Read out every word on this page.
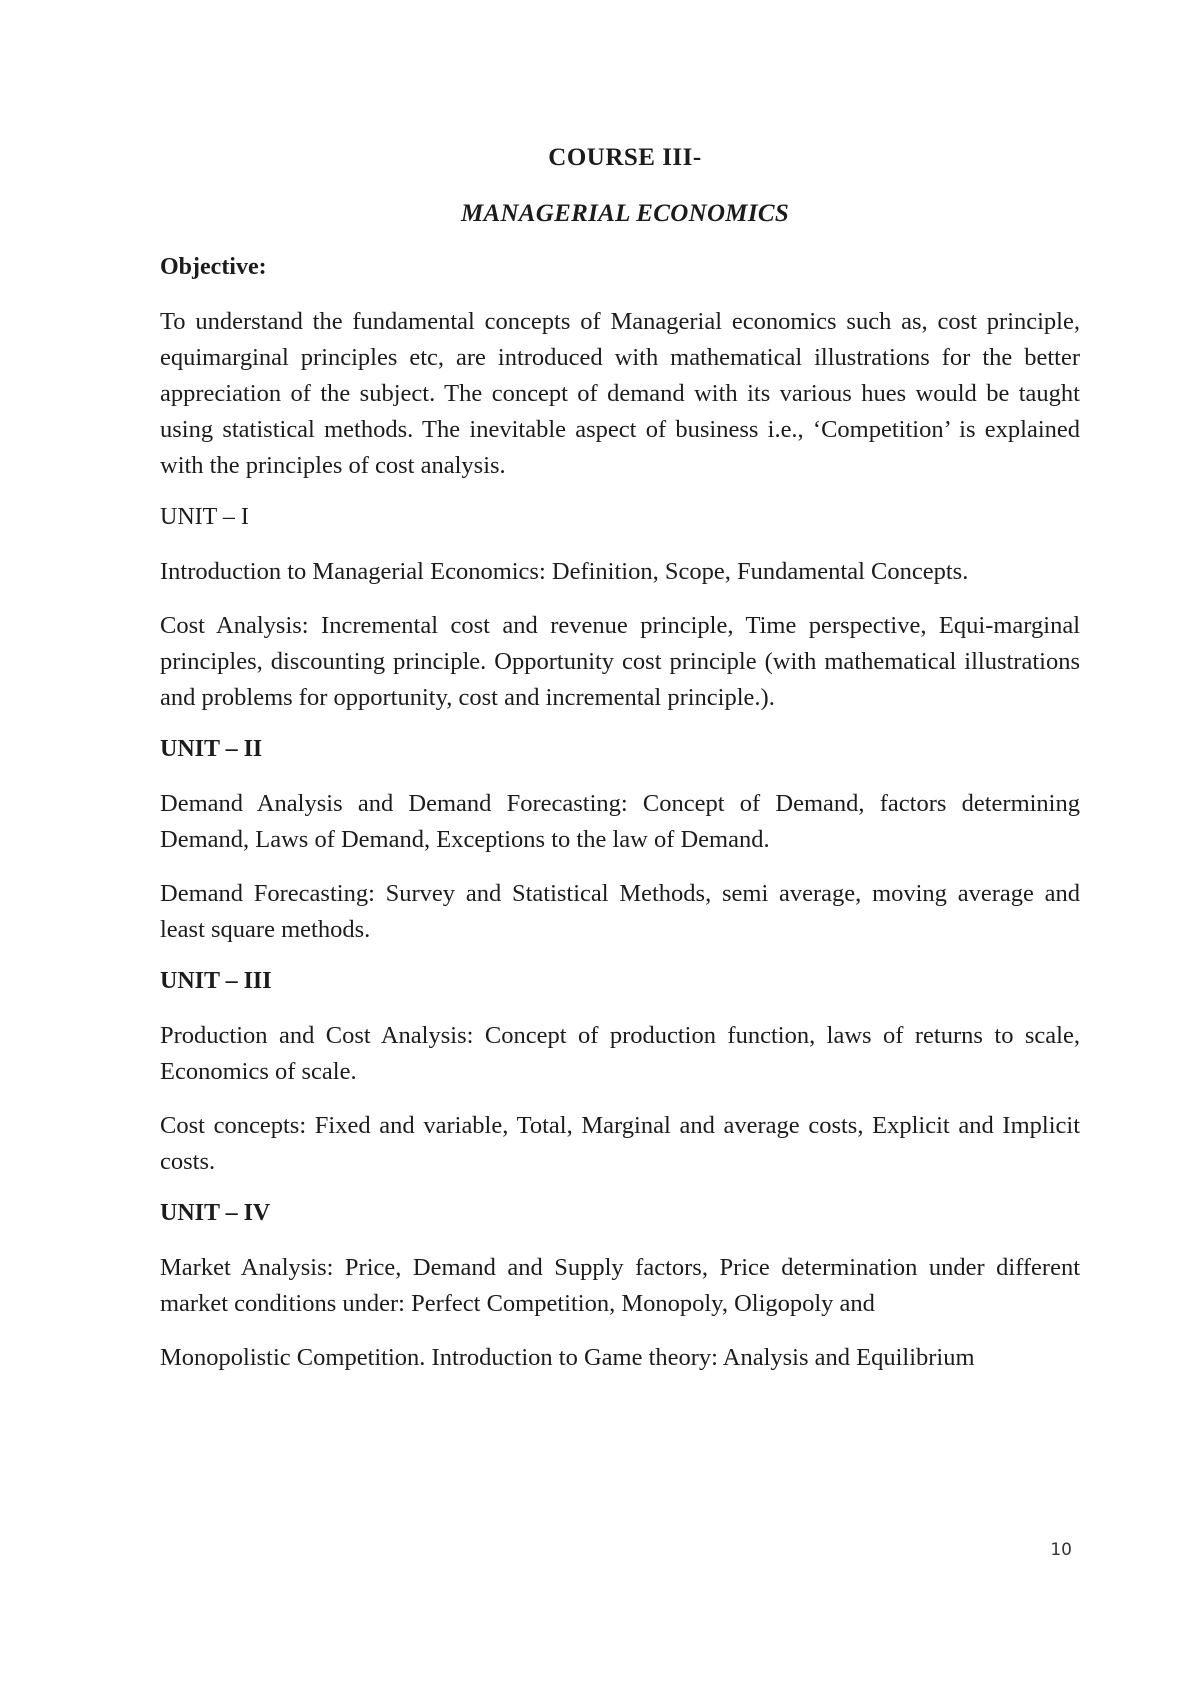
COURSE III-
MANAGERIAL ECONOMICS
Objective:

To understand the fundamental concepts of Managerial economics such as, cost principle, equimarginal principles etc, are introduced with mathematical illustrations for the better appreciation of the subject. The concept of demand with its various hues would be taught using statistical methods. The inevitable aspect of business i.e., ‘Competition’ is explained with the principles of cost analysis.

UNIT – I

Introduction to Managerial Economics: Definition, Scope, Fundamental Concepts.

Cost Analysis: Incremental cost and revenue principle, Time perspective, Equi-marginal principles, discounting principle. Opportunity cost principle (with mathematical illustrations and problems for opportunity, cost and incremental principle.).

UNIT – II

Demand Analysis and Demand Forecasting: Concept of Demand, factors determining Demand, Laws of Demand, Exceptions to the law of Demand.

Demand Forecasting: Survey and Statistical Methods, semi average, moving average and least square methods.

UNIT – III

Production and Cost Analysis: Concept of production function, laws of returns to scale, Economics of scale.

Cost concepts: Fixed and variable, Total, Marginal and average costs, Explicit and Implicit costs.

UNIT – IV

Market Analysis: Price, Demand and Supply factors, Price determination under different market conditions under: Perfect Competition, Monopoly, Oligopoly and

Monopolistic Competition. Introduction to Game theory: Analysis and Equilibrium

10
